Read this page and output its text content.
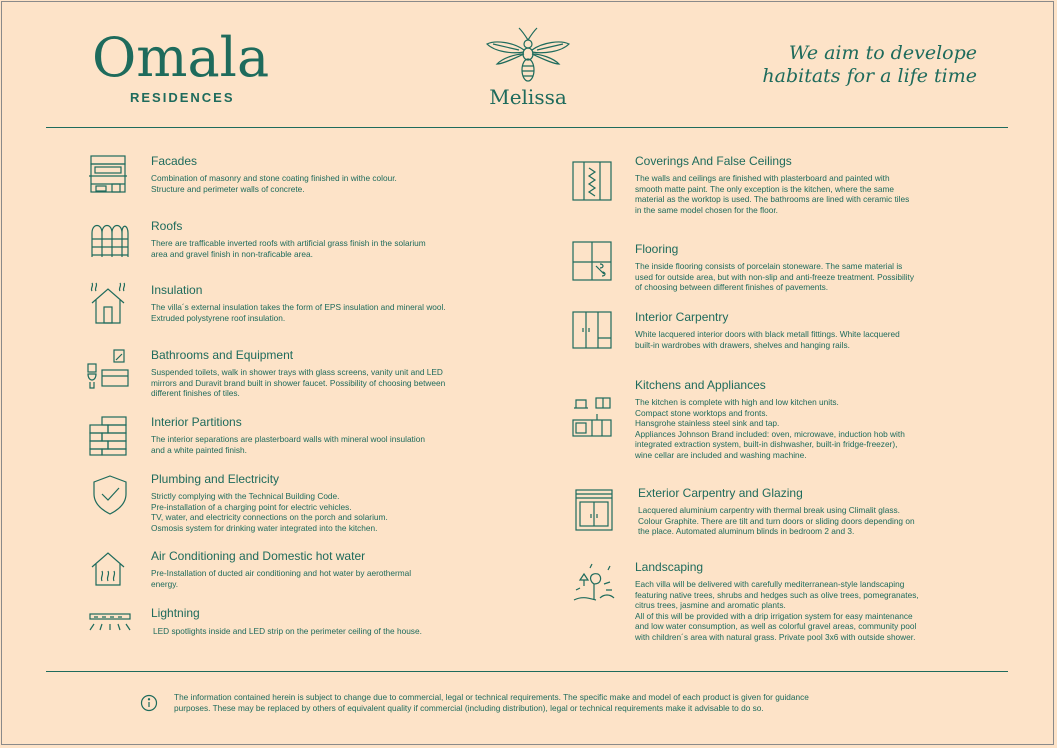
Omala
RESIDENCES	Melissa
We aim to develope
habitats for a life time
Facades
Combination of masonry and stone coating finished in withe colour.
Structure and perimeter walls of concrete.
Roofs
There are trafficable inverted roofs with artificial grass finish in the solarium
area and gravel finish in non-traficable area.
Insulation
The villa´s external insulation takes the form of EPS insulation and mineral wool.
Extruded polystyrene roof insulation.
Bathrooms and Equipment
Suspended toilets, walk in shower trays with glass screens, vanity unit and LED
mirrors and Duravit brand built in shower faucet. Possibility of choosing between
different finishes of tiles.
Interior Partitions
The interior separations are plasterboard walls with mineral wool insulation
and a white painted finish.
Plumbing and Electricity
Strictly complying with the Technical Building Code.
Pre-installation of a charging point for electric vehicles.
TV, water, and electricity connections on the porch and solarium.
Osmosis system for drinking water integrated into the kitchen.
Air Conditioning and Domestic hot water
Pre-Installation of ducted air conditioning and hot water by aerothermal
energy.
Lightning
LED spotlights inside and LED strip on the perimeter ceiling of the house.
Coverings And False Ceilings
The walls and ceilings are finished with plasterboard and painted with
smooth matte paint. The only exception is the kitchen, where the same
material as the worktop is used. The bathrooms are lined with ceramic tiles
in the same model chosen for the floor.
Flooring
The inside flooring consists of porcelain stoneware. The same material is
used for outside area, but with non-slip and anti-freeze treatment. Possibility
of choosing between different finishes of pavements.
Interior Carpentry
White lacquered interior doors with black metall fittings. White lacquered
built-in wardrobes with drawers, shelves and hanging rails.
Kitchens and Appliances
The kitchen is complete with high and low kitchen units.
Compact stone worktops and fronts.
Hansgrohe stainless steel sink and tap.
Appliances Johnson Brand included: oven, microwave, induction hob with
integrated extraction system, built-in dishwasher, built-in fridge-freezer),
wine cellar are included and washing machine.
Exterior Carpentry and Glazing
Lacquered aluminium carpentry with thermal break using Climalit glass.
Colour Graphite. There are tilt and turn doors or sliding doors depending on
the place. Automated aluminum blinds in bedroom 2 and 3.
Landscaping
Each villa will be delivered with carefully mediterranean-style landscaping
featuring native trees, shrubs and hedges such as olive trees, pomegranates,
citrus trees, jasmine and aromatic plants.
All of this will be provided with a drip irrigation system for easy maintenance
and low water consumption, as well as colorful gravel areas, community pool
with children´s area with natural grass. Private pool 3x6 with outside shower.
The information contained herein is subject to change due to commercial, legal or technical requirements. The specific make and model of each product is given for guidance
purposes. These may be replaced by others of equivalent quality if commercial (including distribution), legal or technical requirements make it advisable to do so.
